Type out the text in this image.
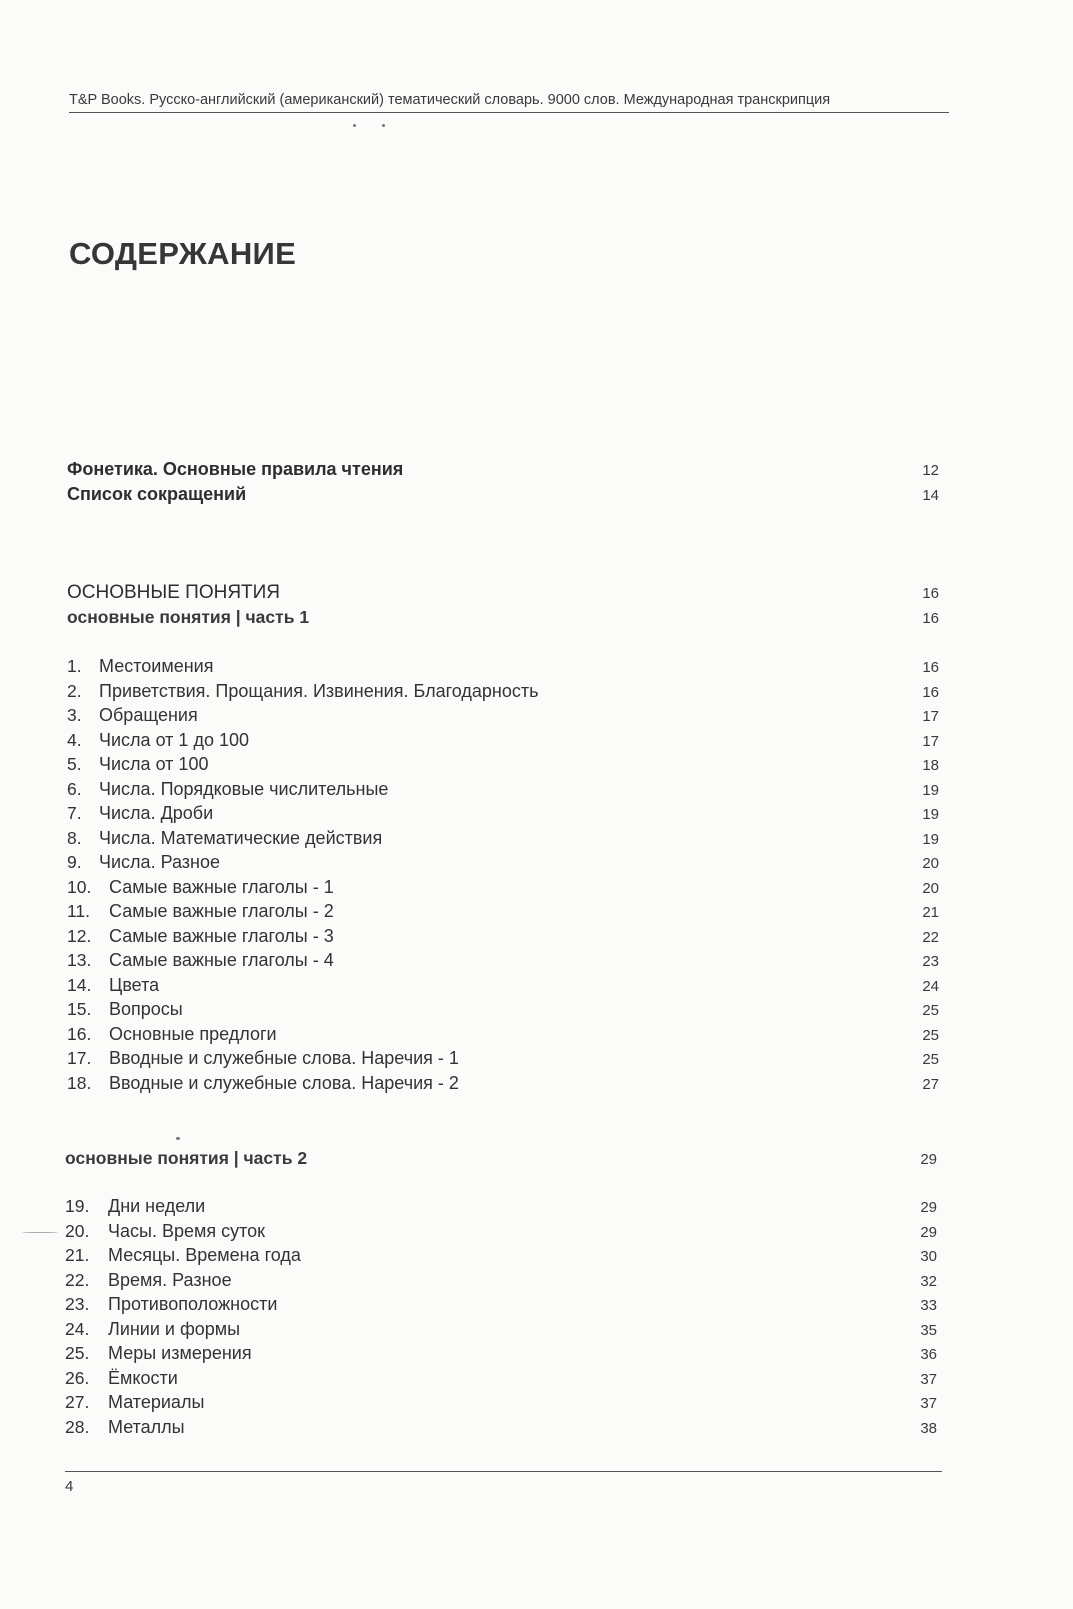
T&P Books. Русско-английский (американский) тематический словарь. 9000 слов. Международная транскрипция
СОДЕРЖАНИЕ
Фонетика. Основные правила чтения	12
Список сокращений	14
ОСНОВНЫЕ ПОНЯТИЯ	16
основные понятия | часть 1	16
1. Местоимения	16
2. Приветствия. Прощания. Извинения. Благодарность	16
3. Обращения	17
4. Числа от 1 до 100	17
5. Числа от 100	18
6. Числа. Порядковые числительные	19
7. Числа. Дроби	19
8. Числа. Математические действия	19
9. Числа. Разное	20
10. Самые важные глаголы - 1	20
11.	Самые важные глаголы - 2	21
12. Самые важные глаголы - 3	22
13. Самые важные глаголы - 4	23
14. Цвета	24
15. Вопросы	25
16. Основные предлоги	25
17. Вводные и служебные слова. Наречия - 1	25
18. Вводные и служебные слова. Наречия - 2	27
основные понятия | часть 2	29
19.	Дни недели	29
20.	Часы. Время суток	29
21.	Месяцы. Времена года	30
22.	Время. Разное	32
23.	Противоположности	33
24.	Линии и формы	35
25.	Меры измерения	36
26.	Ёмкости	37
27.	Материалы	37
28.	Металлы	38
4
